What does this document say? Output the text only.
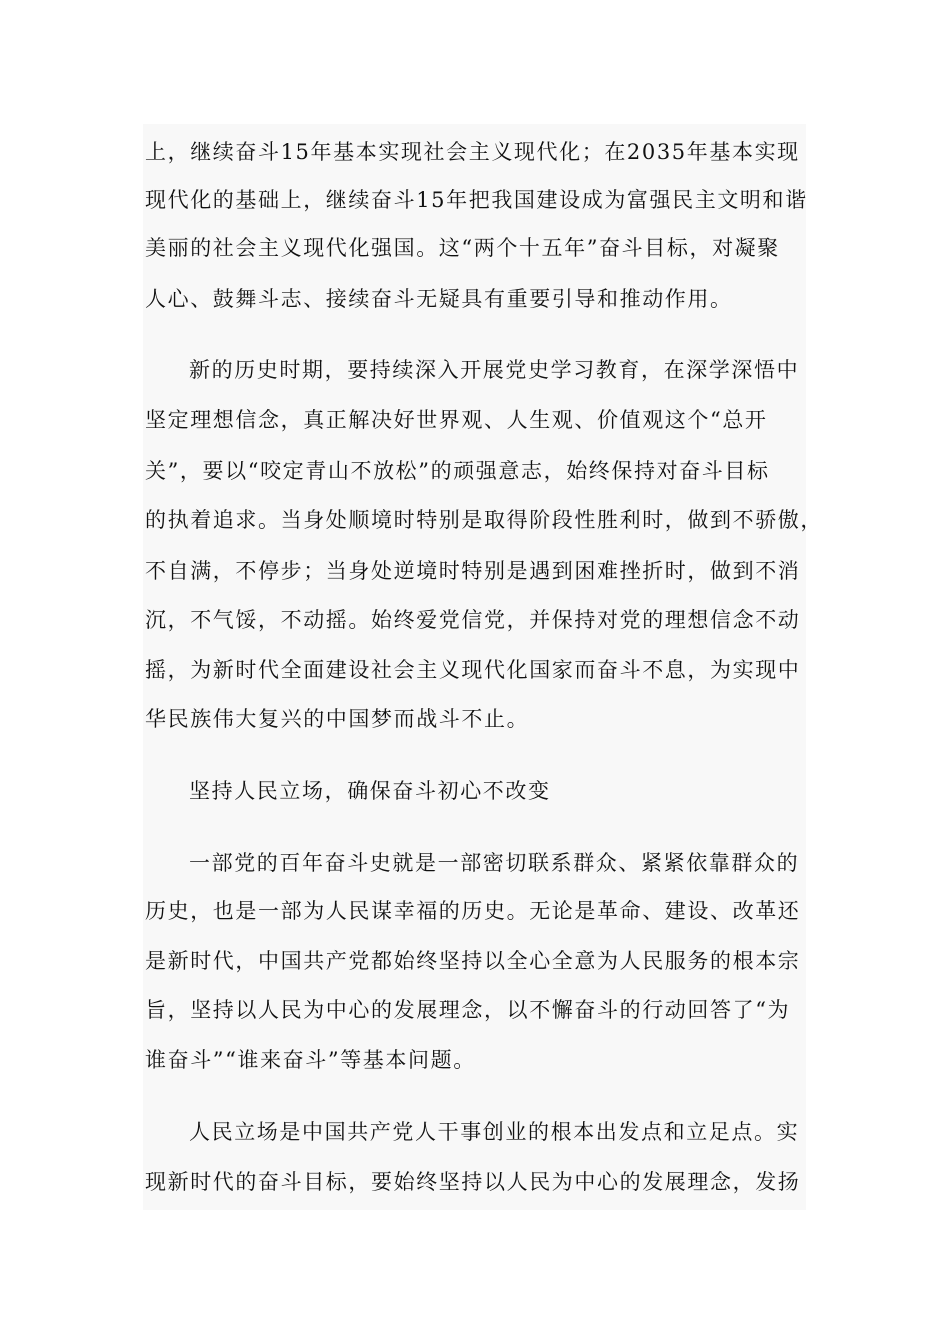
上，继续奋斗15年基本实现社会主义现代化；在2035年基本实现
现代化的基础上，继续奋斗15年把我国建设成为富强民主文明和谐
美丽的社会主义现代化强国。这“两个十五年”奋斗目标，对凝聚
人心、鼓舞斗志、接续奋斗无疑具有重要引导和推动作用。
新的历史时期，要持续深入开展党史学习教育，在深学深悟中
坚定理想信念，真正解决好世界观、人生观、价值观这个“总开
关”，要以“咬定青山不放松”的顽强意志，始终保持对奋斗目标
的执着追求。当身处顺境时特别是取得阶段性胜利时，做到不骄傲，
不自满，不停步；当身处逆境时特别是遇到困难挫折时，做到不消
沉，不气馁，不动摇。始终爱党信党，并保持对党的理想信念不动
摇，为新时代全面建设社会主义现代化国家而奋斗不息，为实现中
华民族伟大复兴的中国梦而战斗不止。
坚持人民立场，确保奋斗初心不改变
一部党的百年奋斗史就是一部密切联系群众、紧紧依靠群众的
历史，也是一部为人民谋幸福的历史。无论是革命、建设、改革还
是新时代，中国共产党都始终坚持以全心全意为人民服务的根本宗
旨，坚持以人民为中心的发展理念，以不懈奋斗的行动回答了“为
谁奋斗”“谁来奋斗”等基本问题。
人民立场是中国共产党人干事创业的根本出发点和立足点。实
现新时代的奋斗目标，要始终坚持以人民为中心的发展理念，发扬
